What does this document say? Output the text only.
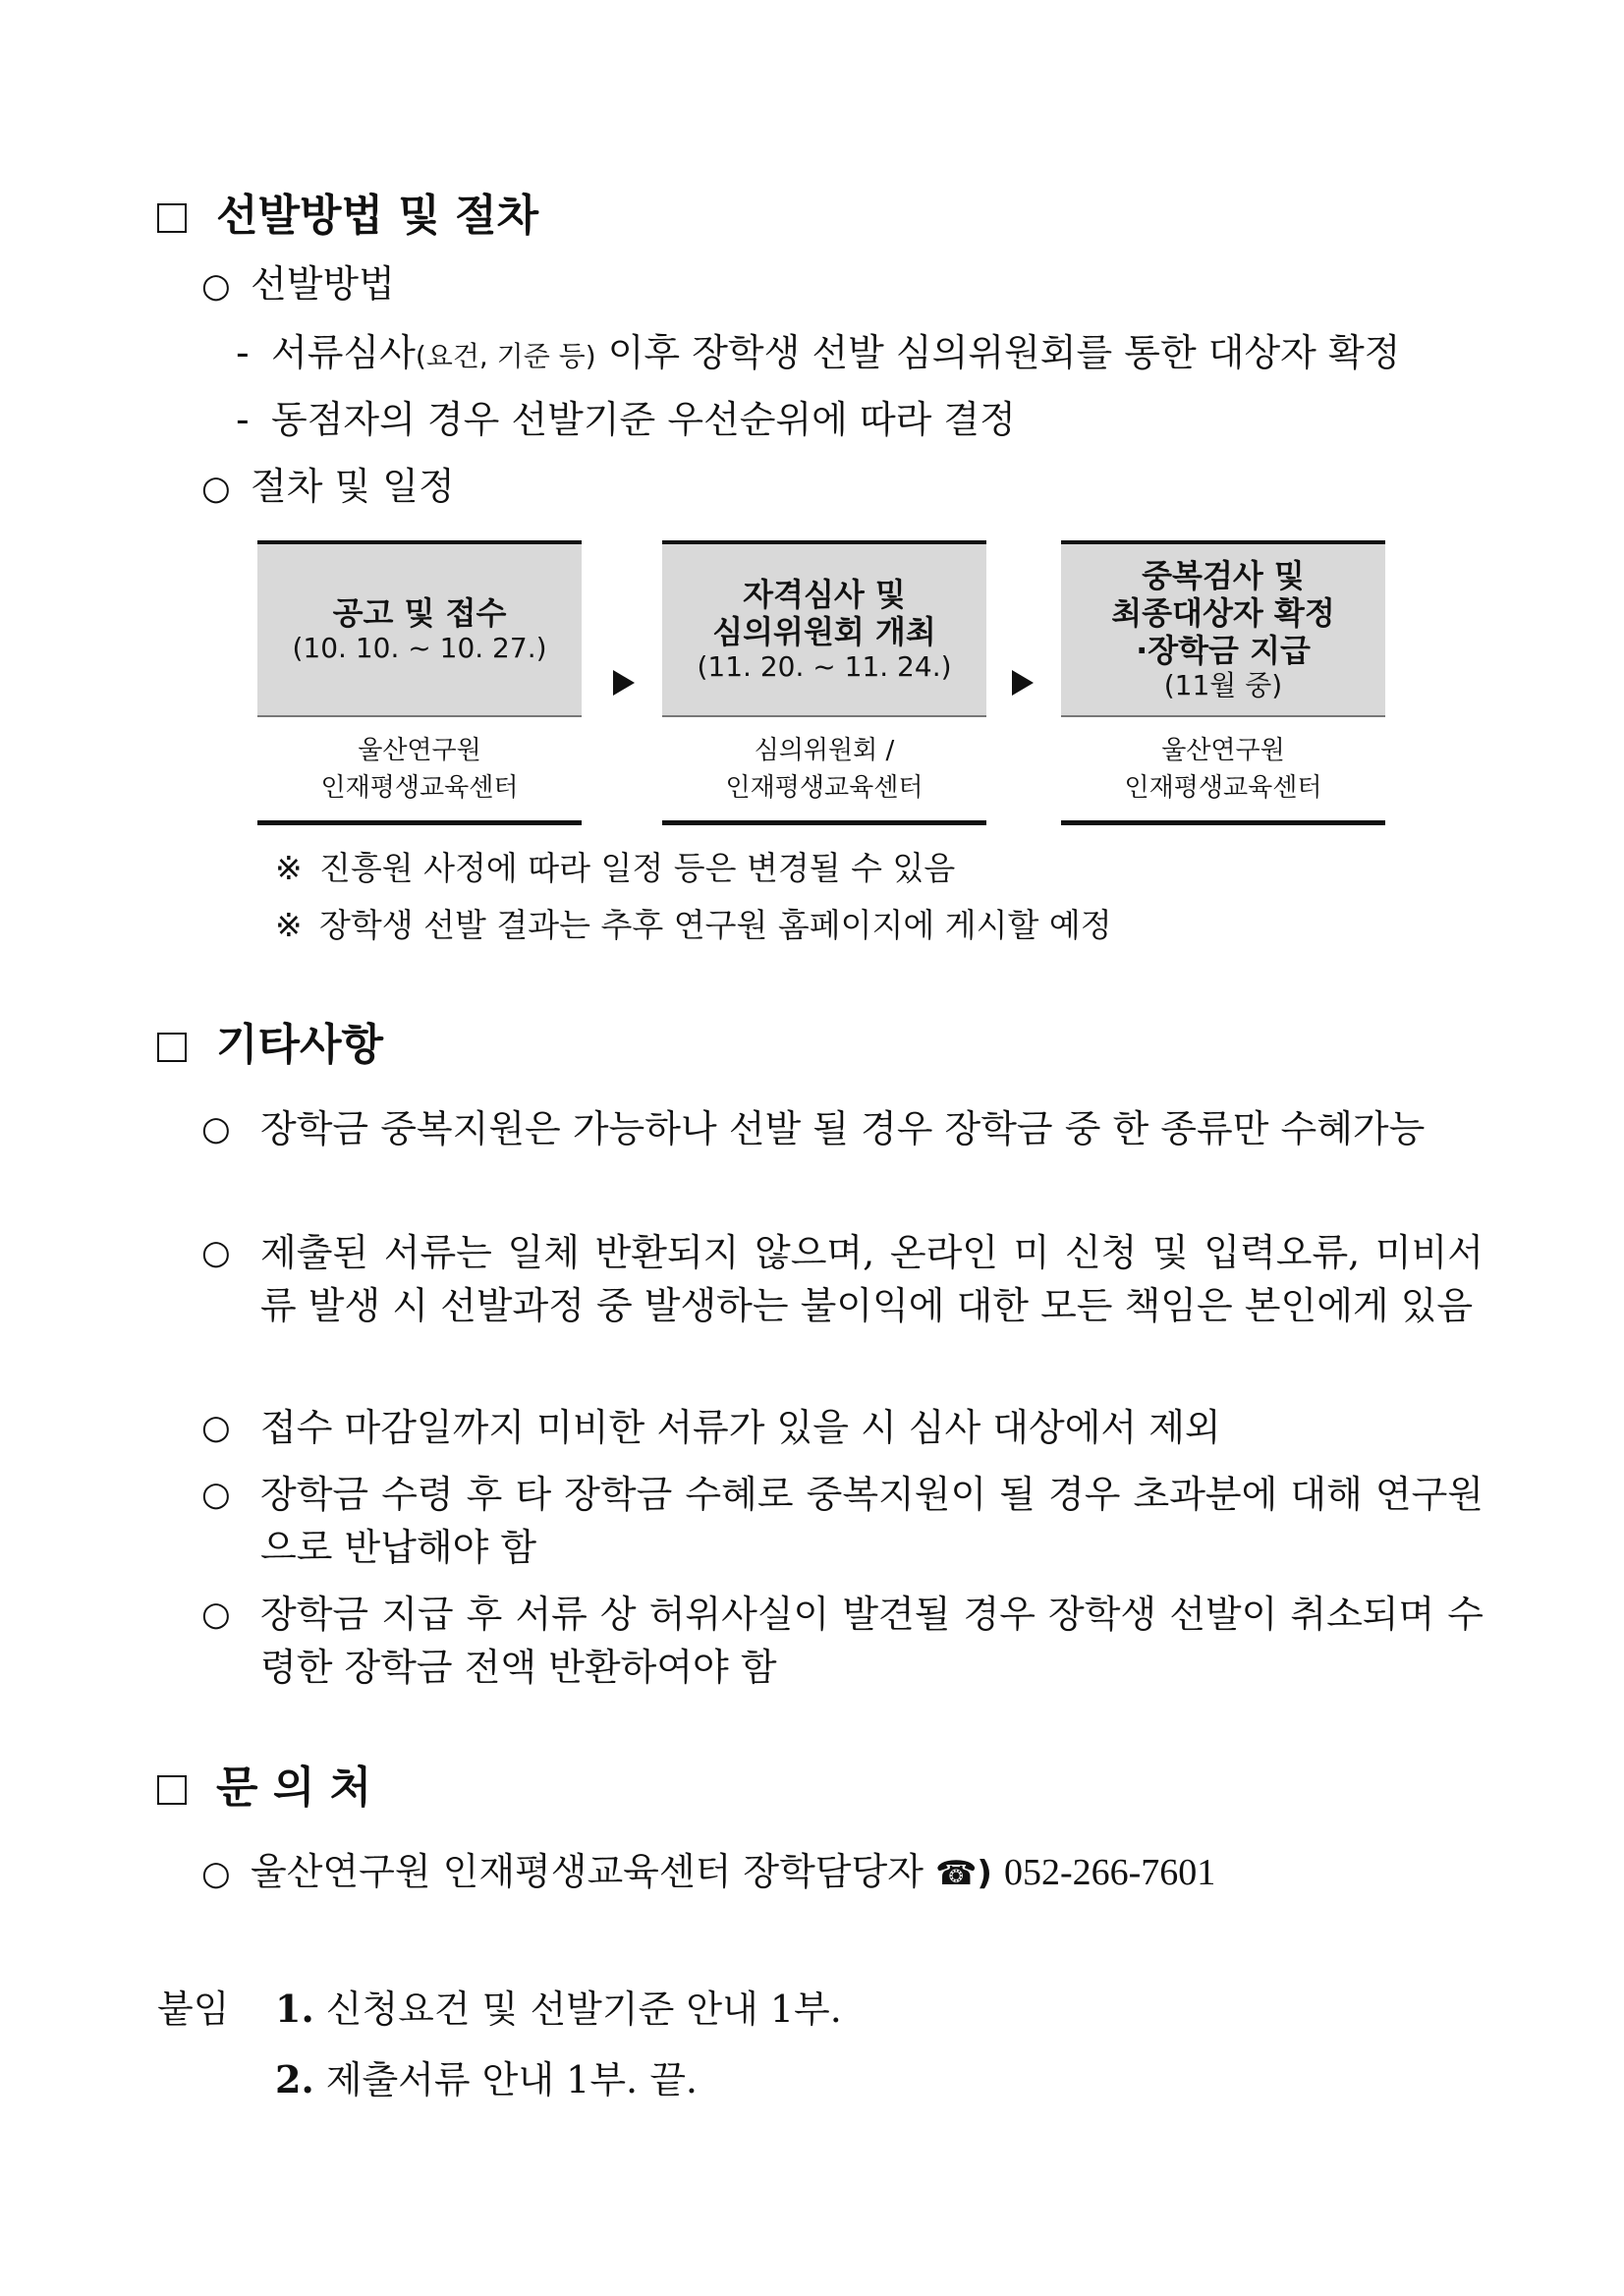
선발방법 및 절차
○ 선발방법
- 서류심사(요건, 기준 등) 이후 장학생 선발 심의위원회를 통한 대상자 확정
- 동점자의 경우 선발기준 우선순위에 따라 결정
○ 절차 및 일정
공고 및 접수
(10. 10. ~ 10. 27.)
울산연구원
인재평생교육센터
자격심사 및
심의위원회 개최
(11. 20. ~ 11. 24.)
심의위원회 /
인재평생교육센터
중복검사 및
최종대상자 확정
·장학금 지급
(11월 중)
울산연구원
인재평생교육센터
※ 진흥원 사정에 따라 일정 등은 변경될 수 있음
※ 장학생 선발 결과는 추후 연구원 홈페이지에 게시할 예정
기타사항
○ 장학금 중복지원은 가능하나 선발 될 경우 장학금 중 한 종류만 수혜가능
○ 제출된 서류는 일체 반환되지 않으며, 온라인 미 신청 및 입력오류, 미비서류 발생 시 선발과정 중 발생하는 불이익에 대한 모든 책임은 본인에게 있음
○ 접수 마감일까지 미비한 서류가 있을 시 심사 대상에서 제외
○ 장학금 수령 후 타 장학금 수혜로 중복지원이 될 경우 초과분에 대해 연구원으로 반납해야 함
○ 장학금 지급 후 서류 상 허위사실이 발견될 경우 장학생 선발이 취소되며 수령한 장학금 전액 반환하여야 함
문 의 처
○ 울산연구원 인재평생교육센터 장학담당자 ☎) 052-266-7601
붙임 1. 신청요건 및 선발기준 안내 1부.
2. 제출서류 안내 1부. 끝.
